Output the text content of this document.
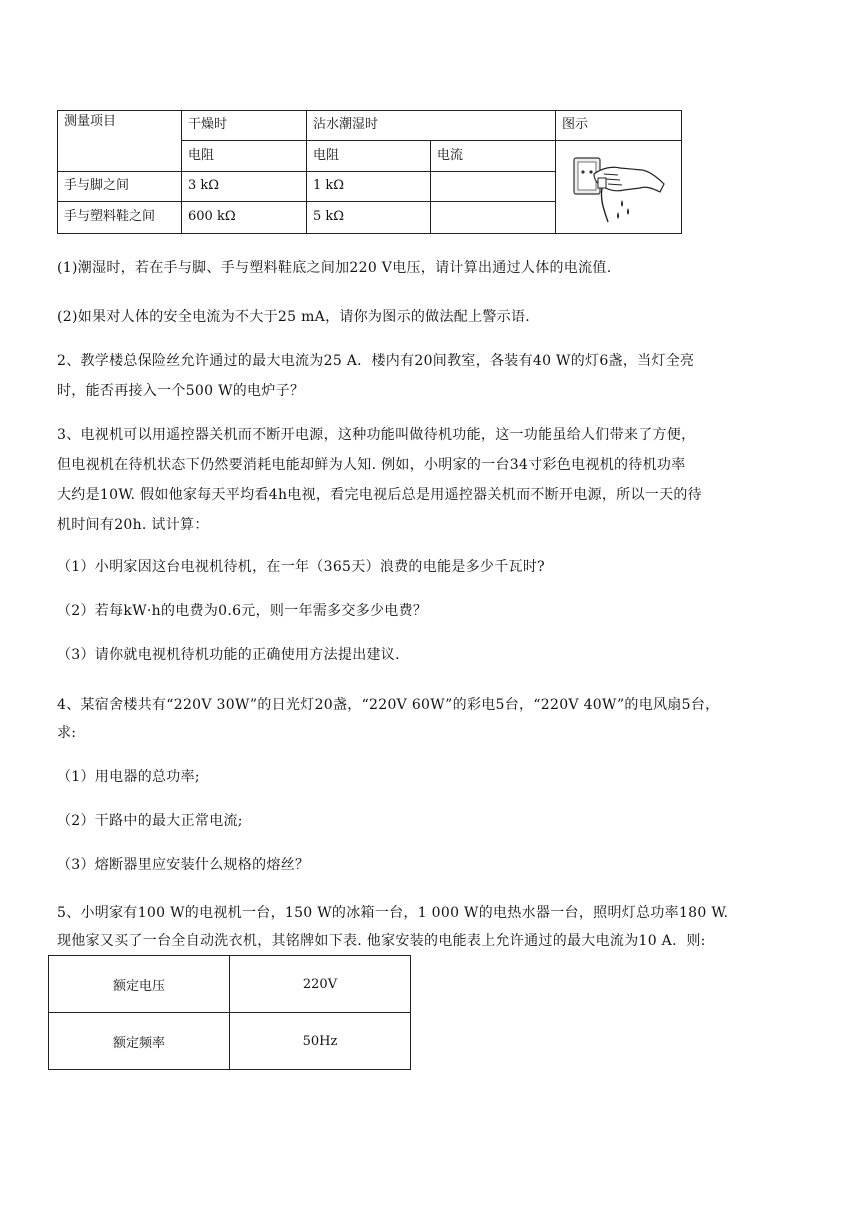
测量项目	干燥时	沾水潮湿时		图示
	电阻	电阻	电流	
手与脚之间	3 kΩ	1 kΩ		
手与塑料鞋之间	600 kΩ	5 kΩ		
(1)潮湿时，若在手与脚、手与塑料鞋底之间加220 V电压，请计算出通过人体的电流值.
(2)如果对人体的安全电流为不大于25 mA，请你为图示的做法配上警示语.
2、教学楼总保险丝允许通过的最大电流为25 A．楼内有20间教室，各装有40 W的灯6盏，当灯全亮
时，能否再接入一个500 W的电炉子？
3、电视机可以用遥控器关机而不断开电源，这种功能叫做待机功能，这一功能虽给人们带来了方便，
但电视机在待机状态下仍然要消耗电能却鲜为人知. 例如，小明家的一台34寸彩色电视机的待机功率
大约是10W. 假如他家每天平均看4h电视，看完电视后总是用遥控器关机而不断开电源，所以一天的待
机时间有20h. 试计算：
（1）小明家因这台电视机待机，在一年（365天）浪费的电能是多少千瓦时?
（2）若每kW·h的电费为0.6元，则一年需多交多少电费？
（3）请你就电视机待机功能的正确使用方法提出建议.
4、某宿舍楼共有“220V 30W”的日光灯20盏，“220V 60W”的彩电5台，“220V 40W”的电风扇5台，
求:
（1）用电器的总功率;
（2）干路中的最大正常电流;
（3）熔断器里应安装什么规格的熔丝？
5、小明家有100 W的电视机一台，150 W的冰箱一台，1 000 W的电热水器一台，照明灯总功率180 W.
现他家又买了一台全自动洗衣机，其铭牌如下表. 他家安装的电能表上允许通过的最大电流为10 A．则:
额定电压	220V
额定频率	50Hz
